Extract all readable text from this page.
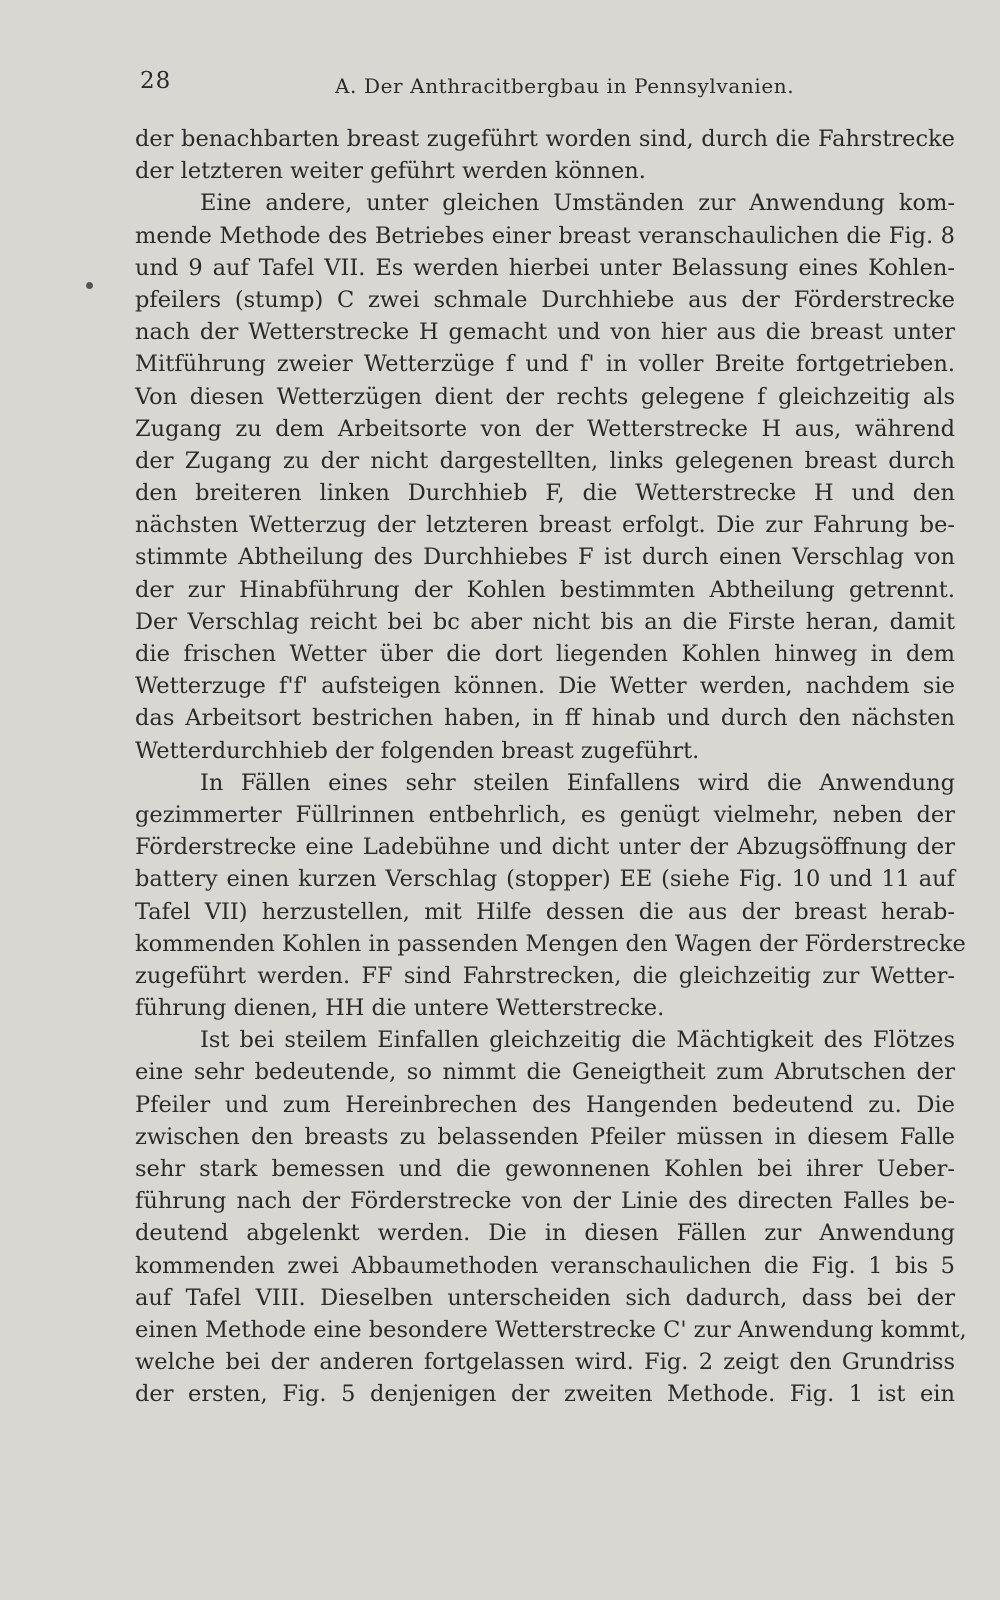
28	A. Der Anthracitbergbau in Pennsylvanien.
der benachbarten breast zugeführt worden sind, durch die Fahrstrecke
der letzteren weiter geführt werden können.
Eine andere, unter gleichen Umständen zur Anwendung kom-
mende Methode des Betriebes einer breast veranschaulichen die Fig. 8
und 9 auf Tafel VII. Es werden hierbei unter Belassung eines Kohlen-
pfeilers (stump) C zwei schmale Durchhiebe aus der Förderstrecke
nach der Wetterstrecke H gemacht und von hier aus die breast unter
Mitführung zweier Wetterzüge f und f' in voller Breite fortgetrieben.
Von diesen Wetterzügen dient der rechts gelegene f gleichzeitig als
Zugang zu dem Arbeitsorte von der Wetterstrecke H aus, während
der Zugang zu der nicht dargestellten, links gelegenen breast durch
den breiteren linken Durchhieb F, die Wetterstrecke H und den
nächsten Wetterzug der letzteren breast erfolgt. Die zur Fahrung be-
stimmte Abtheilung des Durchhiebes F ist durch einen Verschlag von
der zur Hinabführung der Kohlen bestimmten Abtheilung getrennt.
Der Verschlag reicht bei bc aber nicht bis an die Firste heran, damit
die frischen Wetter über die dort liegenden Kohlen hinweg in dem
Wetterzuge f'f' aufsteigen können. Die Wetter werden, nachdem sie
das Arbeitsort bestrichen haben, in ff hinab und durch den nächsten
Wetterdurchhieb der folgenden breast zugeführt.
In Fällen eines sehr steilen Einfallens wird die Anwendung
gezimmerter Füllrinnen entbehrlich, es genügt vielmehr, neben der
Förderstrecke eine Ladebühne und dicht unter der Abzugsöffnung der
battery einen kurzen Verschlag (stopper) EE (siehe Fig. 10 und 11 auf
Tafel VII) herzustellen, mit Hilfe dessen die aus der breast herab-
kommenden Kohlen in passenden Mengen den Wagen der Förderstrecke
zugeführt werden. FF sind Fahrstrecken, die gleichzeitig zur Wetter-
führung dienen, HH die untere Wetterstrecke.
Ist bei steilem Einfallen gleichzeitig die Mächtigkeit des Flötzes
eine sehr bedeutende, so nimmt die Geneigtheit zum Abrutschen der
Pfeiler und zum Hereinbrechen des Hangenden bedeutend zu. Die
zwischen den breasts zu belassenden Pfeiler müssen in diesem Falle
sehr stark bemessen und die gewonnenen Kohlen bei ihrer Ueber-
führung nach der Förderstrecke von der Linie des directen Falles be-
deutend abgelenkt werden. Die in diesen Fällen zur Anwendung
kommenden zwei Abbaumethoden veranschaulichen die Fig. 1 bis 5
auf Tafel VIII. Dieselben unterscheiden sich dadurch, dass bei der
einen Methode eine besondere Wetterstrecke C' zur Anwendung kommt,
welche bei der anderen fortgelassen wird. Fig. 2 zeigt den Grundriss
der ersten, Fig. 5 denjenigen der zweiten Methode. Fig. 1 ist ein
